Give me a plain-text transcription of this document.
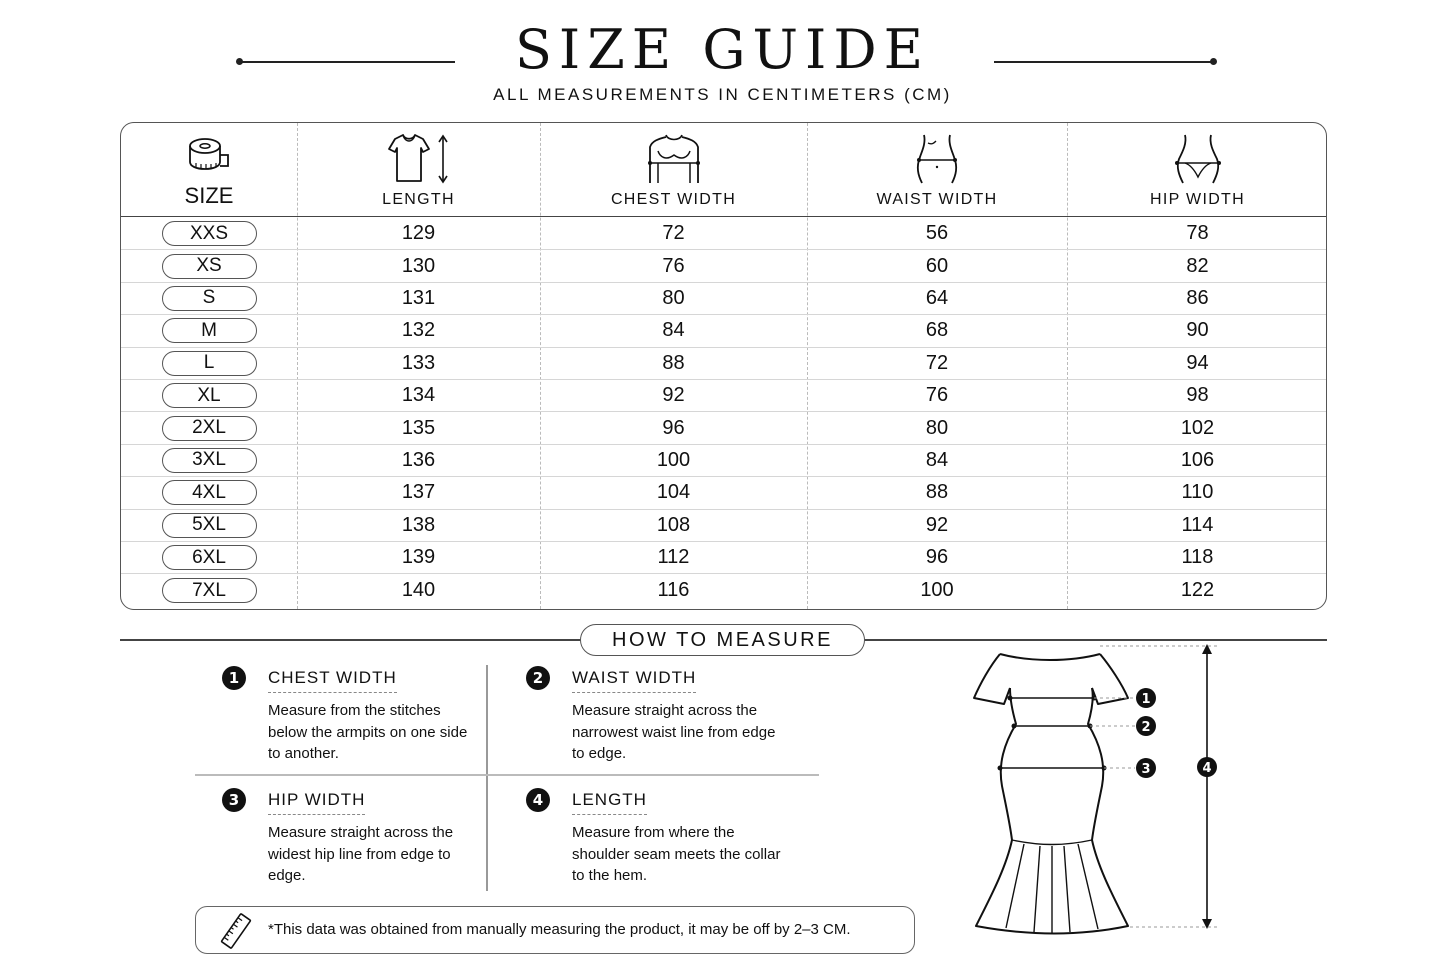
SIZE GUIDE
ALL MEASUREMENTS IN CENTIMETERS (CM)
SIZE	LENGTH	CHEST WIDTH	WAIST WIDTH	HIP WIDTH
XXS	129	72	56	78
XS	130	76	60	82
S	131	80	64	86
M	132	84	68	90
L	133	88	72	94
XL	134	92	76	98
2XL	135	96	80	102
3XL	136	100	84	106
4XL	137	104	88	110
5XL	138	108	92	114
6XL	139	112	96	118
7XL	140	116	100	122
HOW TO MEASURE
1	CHEST WIDTH
Measure from the stitches below the armpits on one side to another.
2	WAIST WIDTH
Measure straight across the narrowest waist line from edge to edge.
3	HIP WIDTH
Measure straight across the widest hip line from edge to edge.
4	LENGTH
Measure from where the shoulder seam meets the collar to the hem.
*This data was obtained from manually measuring the product, it may be off by 2–3 CM.
1
2
3	4
